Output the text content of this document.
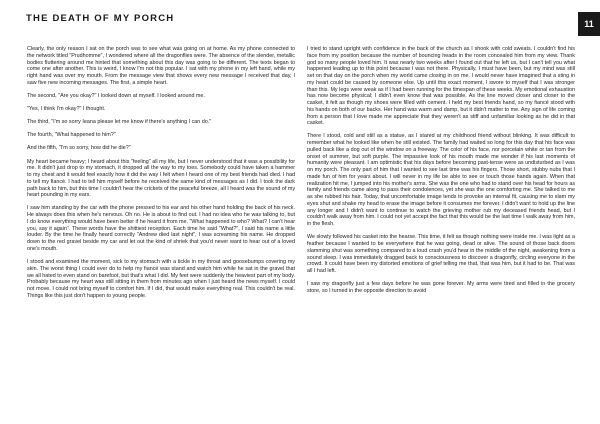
THE DEATH OF MY PORCH	11

Clearly, the only reason I sat on the porch was to see what was going on at home. As my phone connected to the network titled "Prudhomme", I wondered where all the dragonflies were. The absence of the slender, metallic bodies fluttering around me hinted that something about this day was going to be different. The texts began to come one after another. This is weird, I know I'm not this popular. I sat with my phone in my left hand, while my right hand was over my mouth. From the message view that shows every new message I received that day, I saw five new incoming messages. The first, a simple heart.

The second, "Are you okay?" I looked down at myself. I looked around me.

"Yes, I think I'm okay?" I thought.

The third, "I'm so sorry Ieana please let me know if there's anything I can do."

The fourth, "What happened to him?"

And the fifth, "I'm so sorry, how did he die?"

My heart became heavy; I heard about this "feeling" all my life, but I never understood that it was a possibility for me. It didn't just drop to my stomach, it dropped all the way to my toes. Somebody could have taken a hammer to my chest and it would feel exactly how it did the way I felt when I heard one of my best friends had died. I had to tell my fiancé. I had to tell him myself before he received the same kind of messages as I did. I took the dark path back to him, but this time I couldn't hear the crickets of the peaceful breeze, all I heard was the sound of my heart pounding in my ears.

I saw him standing by the car with the phone pressed to his ear and his other hand holding the back of his neck. He always does this when he's nervous. Oh no. He is about to find out. I had no idea who he was talking to, but I do know everything would have been better if he heard it from me. "What happened to who? What? I can't hear you, say it again". These words have the shittiest reception. Each time he said "What?", I said his name a little louder. By the time he finally heard correctly "Andrew died last night", I was screaming his name. He dropped down to the red gravel beside my car and let out the kind of shriek that you'd never want to hear out of a loved one's mouth.

I stood and examined the moment, sick to my stomach with a tickle in my throat and goosebumps covering my skin. The worst thing I could ever do to help my fiancé was stand and watch him while he sat in the gravel that we all hated to even stand on barefoot, but that's what I did. My feet were suddenly the heaviest part of my body. Probably because my heart was still sitting in them from minutes ago when I just heard the news myself. I could not move. I could not bring myself to comfort him. If I did, that would make everything real. This couldn't be real. Things like this just don't happen to young people.

I tried to stand upright with confidence in the back of the church as I shook with cold sweats. I couldn't find his face from my position because the number of bouncing heads in the room concealed him from my view. Thank god so many people loved him. It was nearly two weeks after I found out that he left us, but I can't tell you what happened leading up to this point because I was not there. Physically, I must have been, but my mind was still set on that day on the porch when my world came closing in on me. I would never have imagined that a sting in my heart could be caused by someone else. Up until this exact moment, I swore to myself that I was stronger than this. My legs were weak as if I had been running for the timespan of these weeks. My emotional exhaustion has now become physical; I didn't even know that was possible. As the line moved closer and closer to the casket, it felt as though my shoes were filled with cement. I held my best friends hand, so my fiancé stood with his hands on both of our backs. Her hand was warm and damp, but it didn't matter to me. Any sign of life coming from a person that I love made me appreciate that they weren't as stiff and unfamiliar looking as he did in that casket.

There I stood, cold and still as a statue, as I stared at my childhood friend without blinking. It was difficult to remember what he looked like when he still existed. The family had waited so long for this day that his face was pulled back like a dog out of the window on a freeway. The color of his face, nor porcelain white or tan from the onset of summer, but soft purple. The impassive look of his mouth made me wonder if his last moments of humanity were pleasant. I am optimistic that his days before becoming past-tense were as undisturbed as I was on my porch. The only part of him that I wanted to see last time was his fingers. Those short, stubby nubs that I made fun of him for years about. I will never in my life be able to see or touch those hands again. When that realization hit me, I jumped into his mother's arms. She was the one who had to stand over his head for hours as family and friends came along to pass their condolences, yet she was the one comforting me. She talked to me as she rubbed his hair. Today, that uncomfortable image tends to provoke an internal fit, causing me to slam my eyes shut and shake my head to erase the image before it consumes me forever. I didn't want to hold up the line any longer and I didn't want to continue to watch the grieving mother rub my deceased friends head, but I couldn't walk away from him. I could not yet accept the fact that this would be the last time I walk away from him, in the flesh.

We slowly followed his casket into the hearse. This time, it felt as though nothing were inside me. I was light as a feather because I wanted to be everywhere that he was going, dead or alive. The sound of those back doors slamming shut was something compared to a loud crash you'd hear in the middle of the night, awakening from a sound sleep. I was immediately dragged back to consciousness to discover a dragonfly, circling everyone in the crowd. It could have been my distorted emotions of grief telling me that, that was him, but it had to be. That was all I had left.

I saw my dragonfly just a few days before he was gone forever. My arms were tired and filled in the grocery store, so I turned in the opposite direction to avoid
